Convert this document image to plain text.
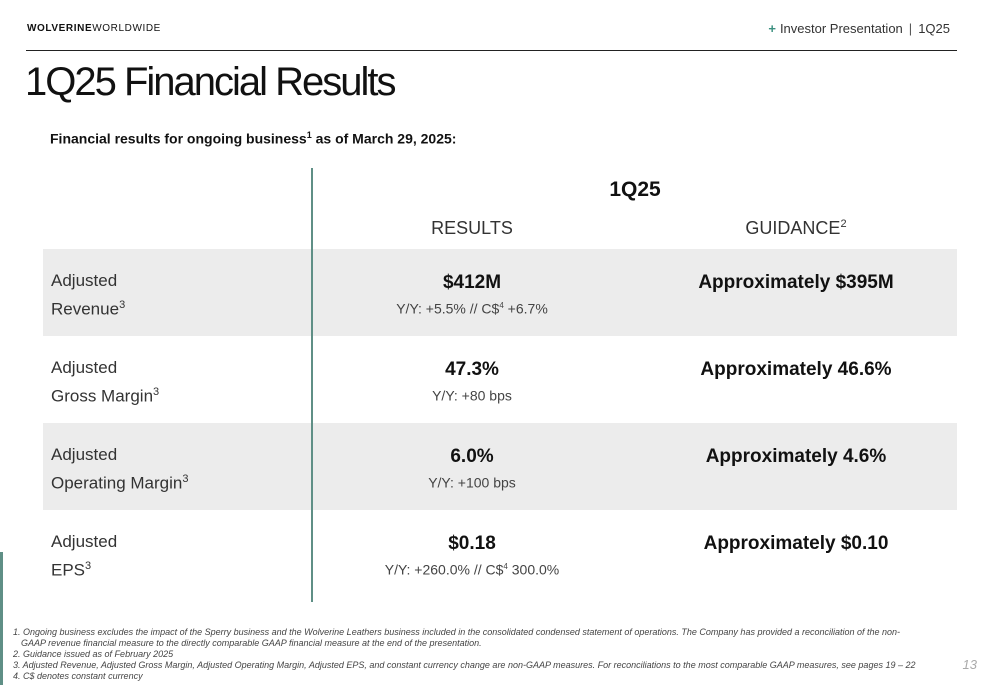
WOLVERINEWORLDWIDE	+ Investor Presentation | 1Q25
1Q25 Financial Results
Financial results for ongoing business$^1$ as of March 29, 2025:
Adjusted
Revenue$^3$
$412M
Y/Y: +5.5% // C\$$^4$ +6.7%
Approximately $395M
Adjusted
Gross Margin$^3$
47.3%
Y/Y: +80 bps
Approximately 46.6%
Adjusted
Operating Margin$^3$
6.0%
Y/Y: +100 bps
Approximately 4.6%
Adjusted
EPS$^3$
$0.18
Y/Y: +260.0% // C\$$^4$ 300.0%
Approximately $0.10
1Q25
RESULTS	GUIDANCE$^2$

1. Ongoing business excludes the impact of the Sperry business and the Wolverine Leathers business included in the consolidated condensed statement of operations. The Company has provided a reconciliation of the non-

GAAP revenue financial measure to the directly comparable GAAP financial measure at the end of the presentation.

2. Guidance issued as of February 2025

3. Adjusted Revenue, Adjusted Gross Margin, Adjusted Operating Margin, Adjusted EPS, and constant currency change are non-GAAP measures. For reconciliations to the most comparable GAAP measures, see pages 19 – 22

4. C$ denotes constant currency

13
